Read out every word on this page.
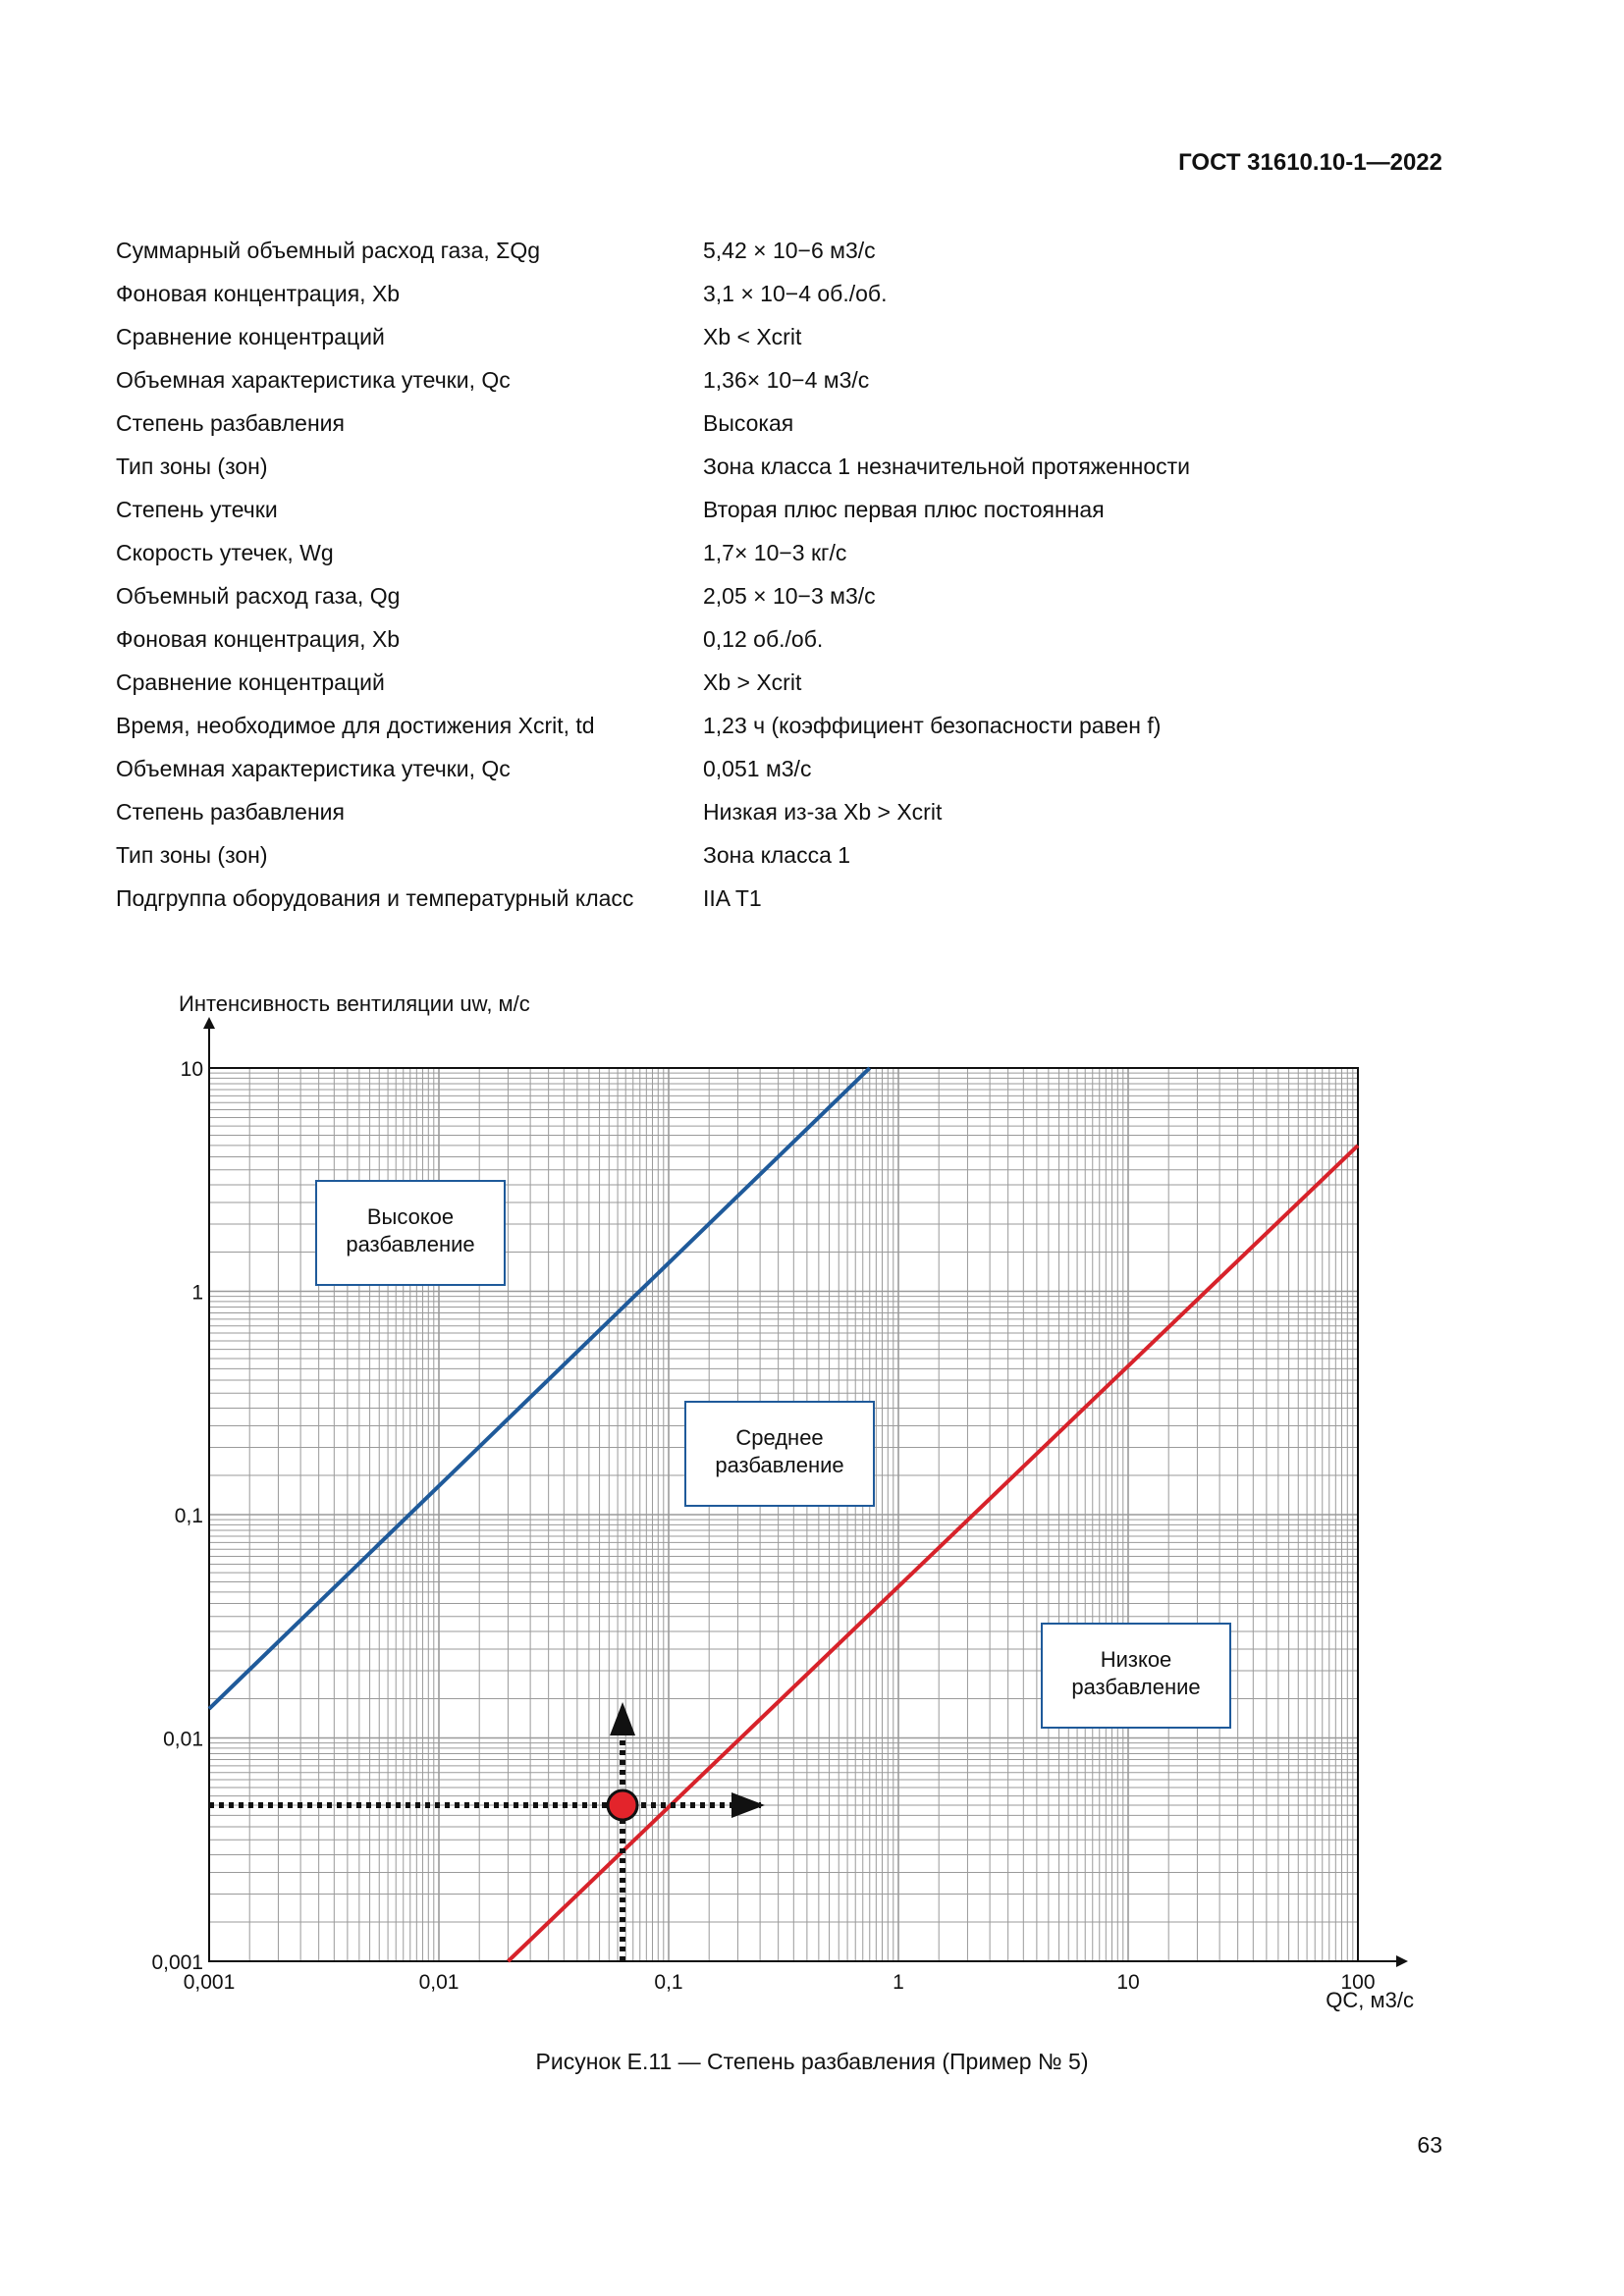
ГОСТ 31610.10-1—2022
Суммарный объемный расход газа, ΣQg	5,42 × 10−6 м3/с
Фоновая концентрация, Xb	3,1 × 10−4 об./об.
Сравнение концентраций	Xb < Xcrit
Объемная характеристика утечки, Qc	1,36× 10−4 м3/с
Степень разбавления	Высокая
Тип зоны (зон)	Зона класса 1 незначительной протяженности
Степень утечки	Вторая плюс первая плюс постоянная
Скорость утечек, Wg	1,7× 10−3 кг/с
Объемный расход газа, Qg	2,05 × 10−3 м3/с
Фоновая концентрация, Xb	0,12 об./об.
Сравнение концентраций	Xb > Xcrit
Время, необходимое для достижения Xcrit, td	1,23 ч (коэффициент безопасности равен f)
Объемная характеристика утечки, Qc	0,051 м3/с
Степень разбавления	Низкая из-за Xb > Xcrit
Тип зоны (зон)	Зона класса 1
Подгруппа оборудования и температурный класс	IIA T1
0,001	0,01	0,1	1	10	100
0,001
0,01
0,1
1
10
Интенсивность вентиляции uw, м/с
QC, м3/с
Высокое
разбавление
Среднее
разбавление
Низкое
разбавление
Рисунок Е.11 — Степень разбавления (Пример № 5)
63
